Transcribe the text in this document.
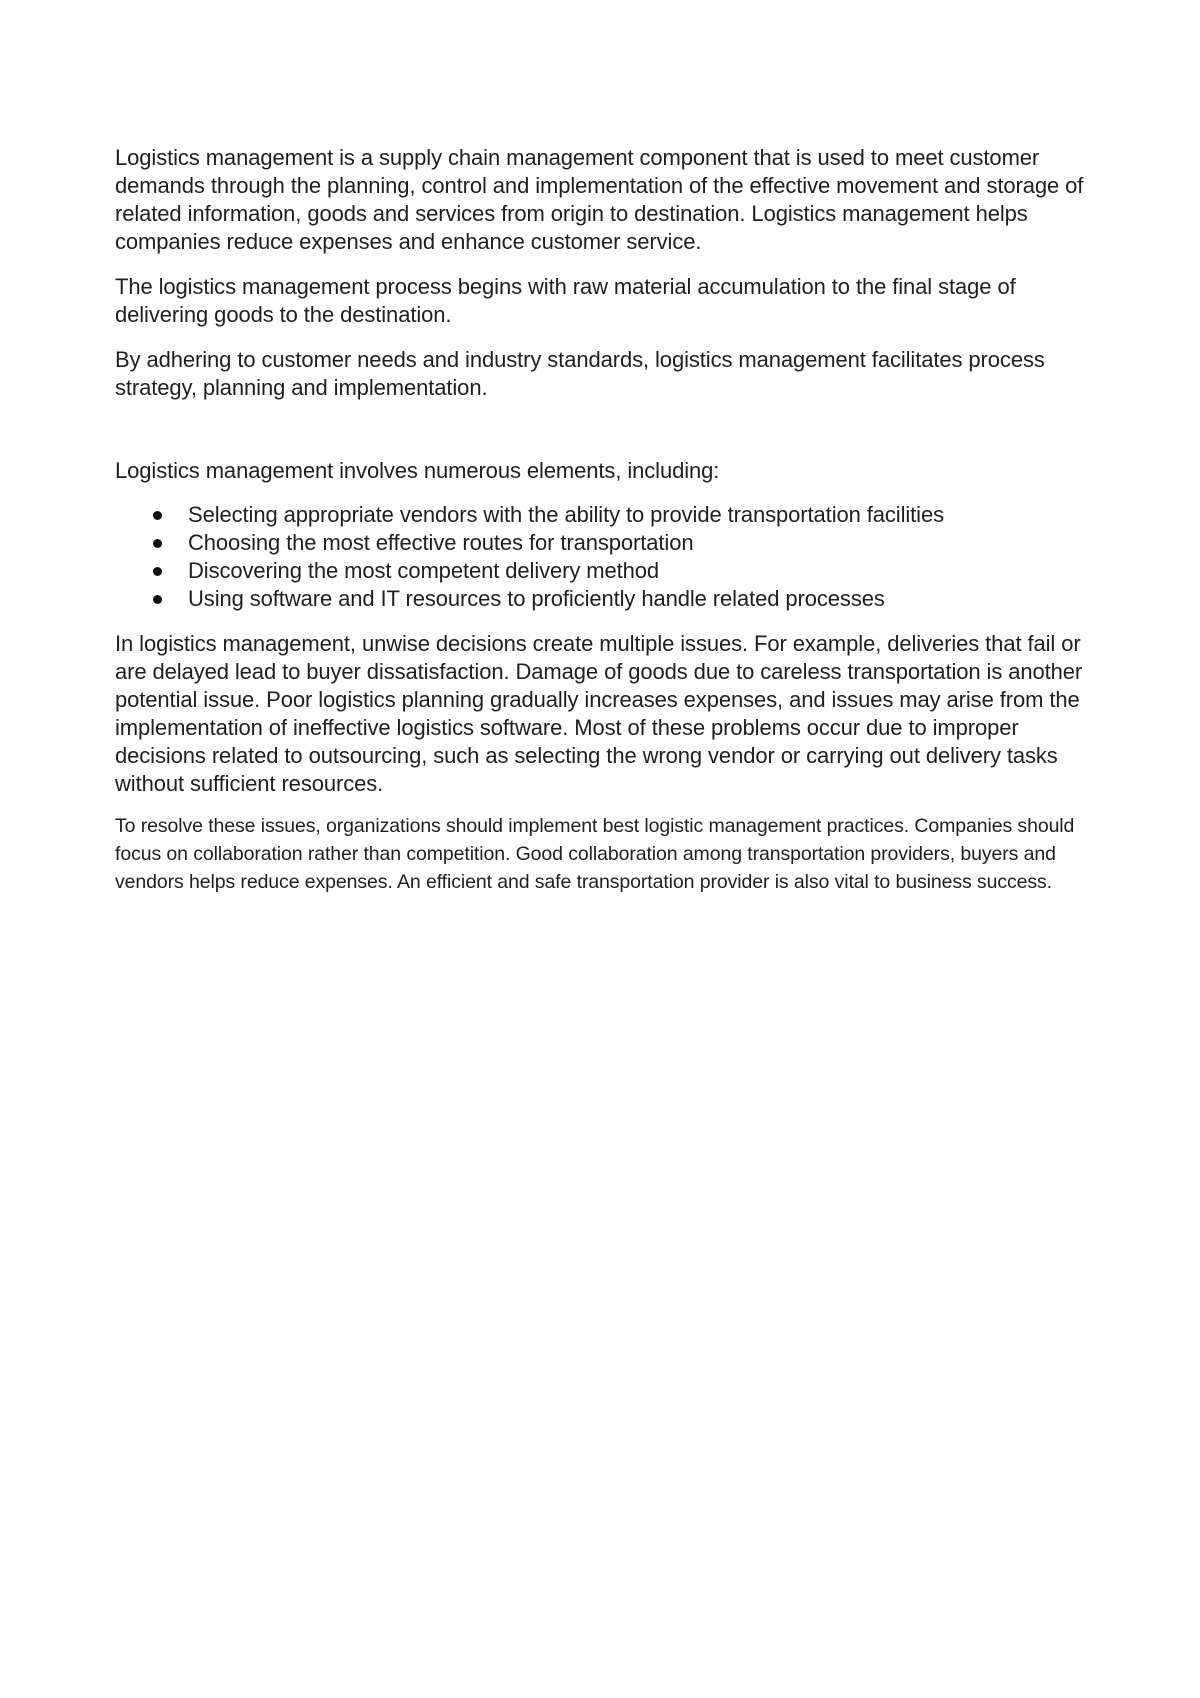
Logistics management is a supply chain management component that is used to meet customer demands through the planning, control and implementation of the effective movement and storage of related information, goods and services from origin to destination. Logistics management helps companies reduce expenses and enhance customer service.

The logistics management process begins with raw material accumulation to the final stage of delivering goods to the destination.

By adhering to customer needs and industry standards, logistics management facilitates process strategy, planning and implementation.

Logistics management involves numerous elements, including:

Selecting appropriate vendors with the ability to provide transportation facilities
Choosing the most effective routes for transportation
Discovering the most competent delivery method
Using software and IT resources to proficiently handle related processes

In logistics management, unwise decisions create multiple issues. For example, deliveries that fail or are delayed lead to buyer dissatisfaction. Damage of goods due to careless transportation is another potential issue. Poor logistics planning gradually increases expenses, and issues may arise from the implementation of ineffective logistics software. Most of these problems occur due to improper decisions related to outsourcing, such as selecting the wrong vendor or carrying out delivery tasks without sufficient resources.

To resolve these issues, organizations should implement best logistic management practices. Companies should focus on collaboration rather than competition. Good collaboration among transportation providers, buyers and vendors helps reduce expenses. An efficient and safe transportation provider is also vital to business success.
